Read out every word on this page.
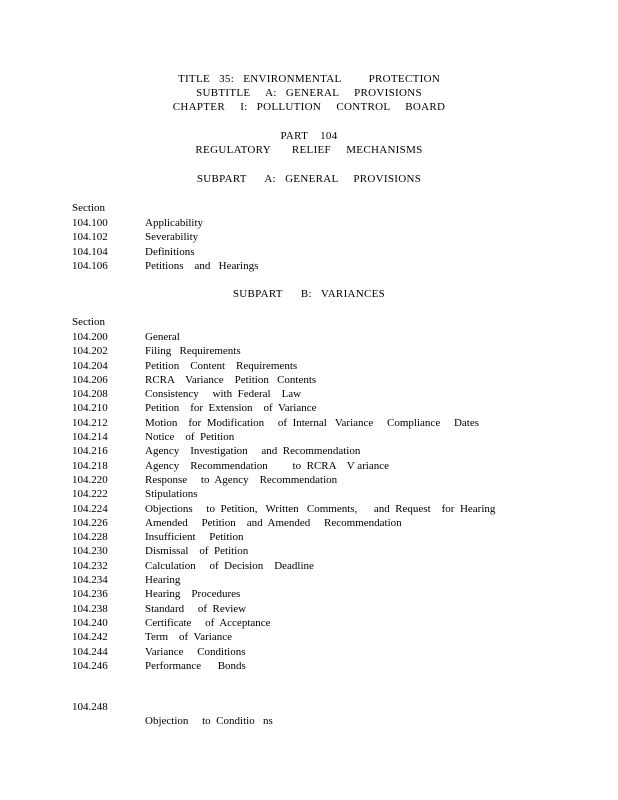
TITLE   35:   ENVIRONMENTAL         PROTECTION
SUBTITLE     A:   GENERAL     PROVISIONS
CHAPTER     I:   POLLUTION     CONTROL     BOARD
PART    104
REGULATORY       RELIEF     MECHANISMS
SUBPART      A:   GENERAL     PROVISIONS
Section
104.100	Applicability
104.102	Severability
104.104	Definitions
104.106	Petitions    and   Hearings
SUBPART      B:   VARIANCES
Section
104.200	General
104.202	Filing   Requirements
104.204	Petition    Content    Requirements
104.206	RCRA    Variance    Petition   Contents
104.208	Consistency     with  Federal    Law
104.210	Petition    for  Extension    of  Variance
104.212	Motion    for  Modification     of  Internal   Variance     Compliance     Dates
104.214	Notice    of  Petition
104.216	Agency    Investigation     and  Recommendation
104.218	Agency    Recommendation         to  RCRA    V ariance
104.220	Response     to  Agency    Recommendation
104.222	Stipulations
104.224	Objections     to  Petition,   Written   Comments,      and  Request    for  Hearing
104.226	Amended     Petition    and  Amended     Recommendation
104.228	Insufficient     Petition
104.230	Dismissal    of  Petition
104.232	Calculation     of  Decision    Deadline
104.234	Hearing
104.236	Hearing    Procedures
104.238	Standard     of  Review
104.240	Certificate     of  Acceptance
104.242	Term    of  Variance
104.244	Variance     Conditions
104.246	Performance      Bonds

104.248

Objection     to  Conditio   ns
